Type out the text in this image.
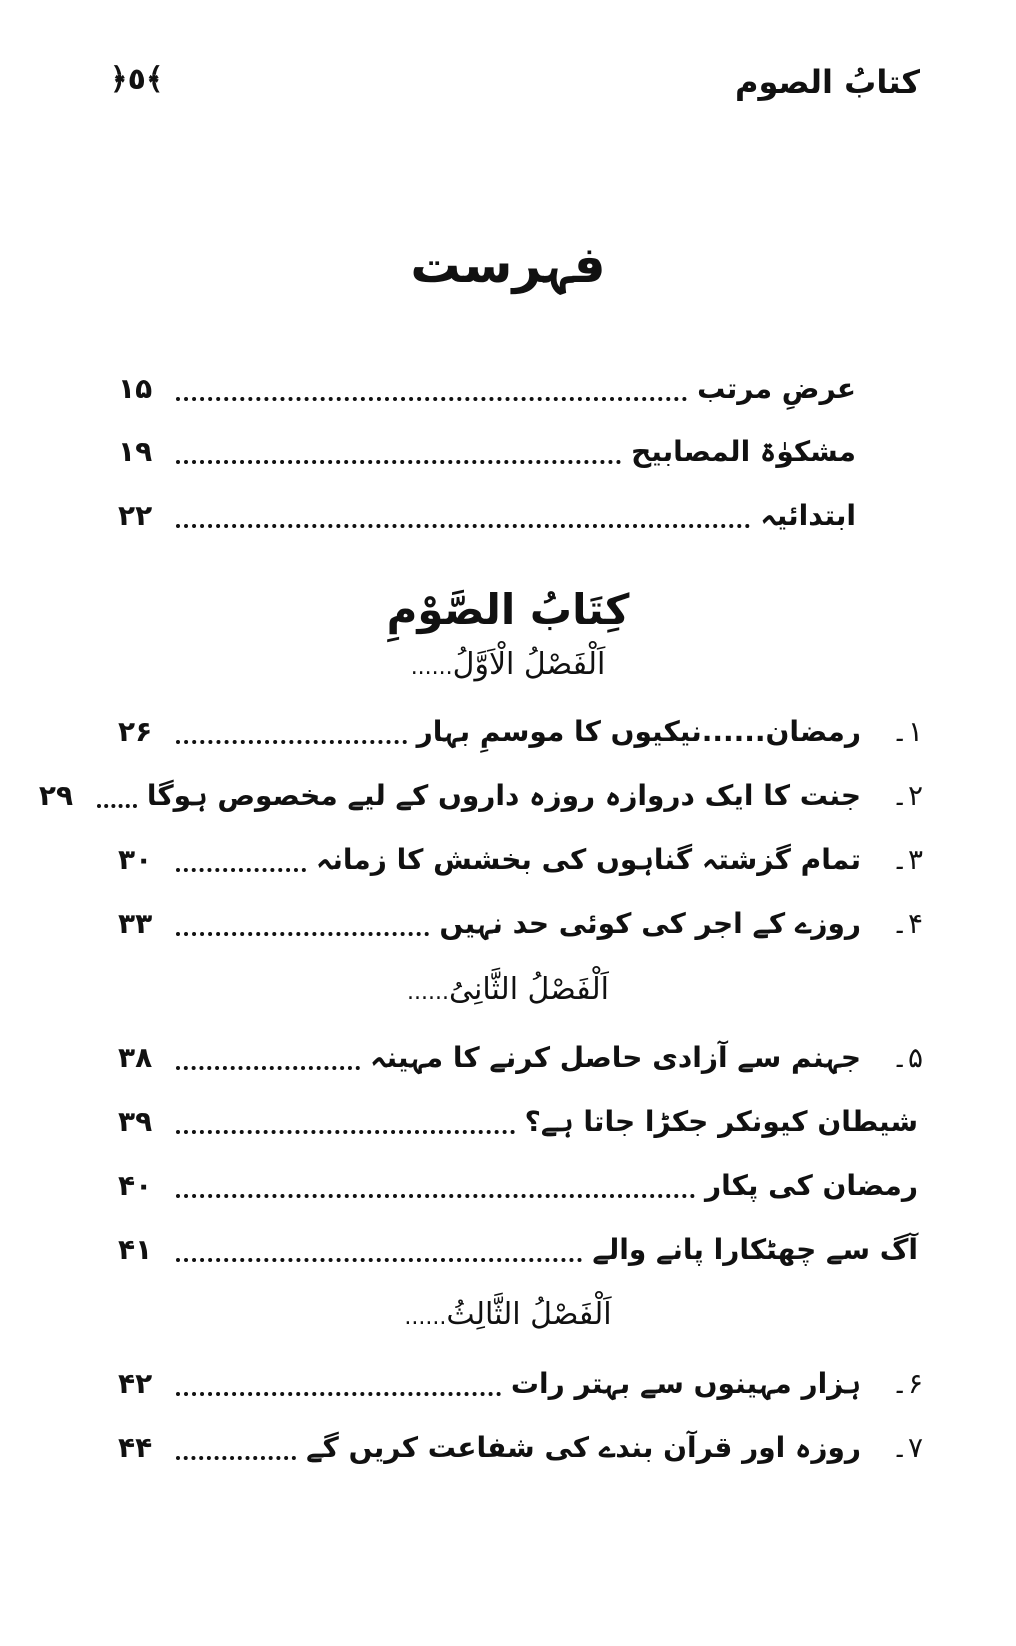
كتابُ الصوم
﴿٥﴾
فہرست
عرضِ مرتب
۱۵
مشکوٰۃ المصابیح
۱۹
ابتدائیہ
۲۲
كِتَابُ الصَّوْمِ
اَلْفَصْلُ الْاَوَّلُ......
۱۔
رمضان......نیکیوں کا موسمِ بہار
۲۶
۲۔
جنت کا ایک دروازہ روزہ داروں کے لیے مخصوص ہوگا
۲۹
۳۔
تمام گزشتہ گناہوں کی بخشش کا زمانہ
۳۰
۴۔
روزے کے اجر کی کوئی حد نہیں
۳۳
اَلْفَصْلُ الثَّانِیُ......
۵۔
جہنم سے آزادی حاصل کرنے کا مہینہ
۳۸
شیطان کیونکر جکڑا جاتا ہے؟
۳۹
رمضان کی پکار
۴۰
آگ سے چھٹکارا پانے والے
۴۱
اَلْفَصْلُ الثَّالِثُ......
۶۔
ہزار مہینوں سے بہتر رات
۴۲
۷۔
روزہ اور قرآن بندے کی شفاعت کریں گے
۴۴
